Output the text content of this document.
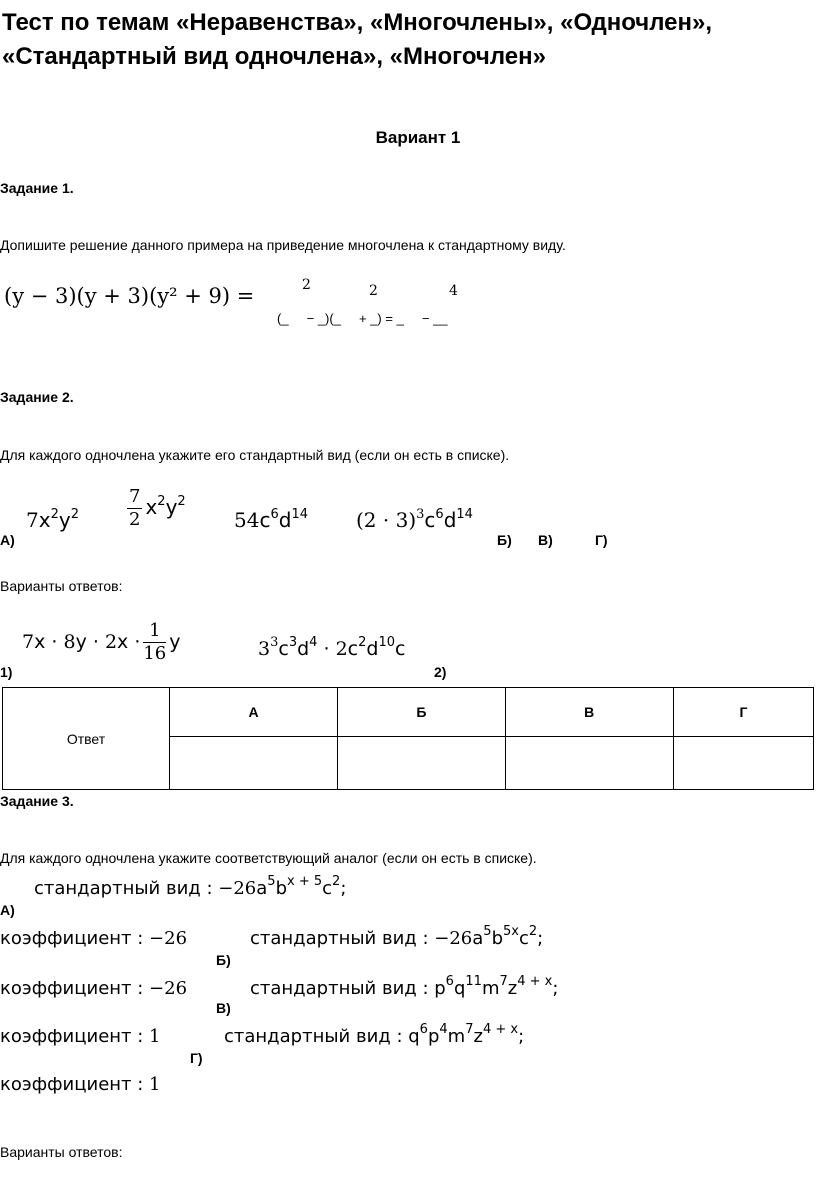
Тест по темам «Неравенства», «Многочлены», «Одночлен», «Стандартный вид одночлена», «Многочлен»
Вариант 1
Задание 1.
Допишите решение данного примера на приведение многочлена к стандартному виду.
(y − 3)(y + 3)(y² + 9) =	2	2	4
(_     − _)(_     + _) = _     − __
Задание 2.
Для каждого одночлена укажите его стандартный вид (если он есть в списке).
$7x^2y^2$	$\frac{7}{2} x^2y^2$
$54c^6d^{14}$ $(2 \cdot 3)^3c^6d^{14}$
А)	Б) В)	Г)
Варианты ответов:
$7x \cdot 8y \cdot 2x \cdot \frac{1}{16}$ y	$3^3c^3d^4 \cdot 2c^2d^{10}c$
1)	2)
Ответ	А	Б	В	Г

Задание 3.
Для каждого одночлена укажите соответствующий аналог (если он есть в списке).
стандартный вид : $-26a^5b^{x + 5}c^2$;
А)
коэффициент : −26	стандартный вид : $-26a^5b^{5x}c^2$;
Б)
коэффициент : −26	стандартный вид : $p^6q^{11}m^7z^{4 + x}$;
В)
коэффициент : 1	стандартный вид : $q^6p^4m^7z^{4 + x}$;
Г)
коэффициент : 1
Варианты ответов:
